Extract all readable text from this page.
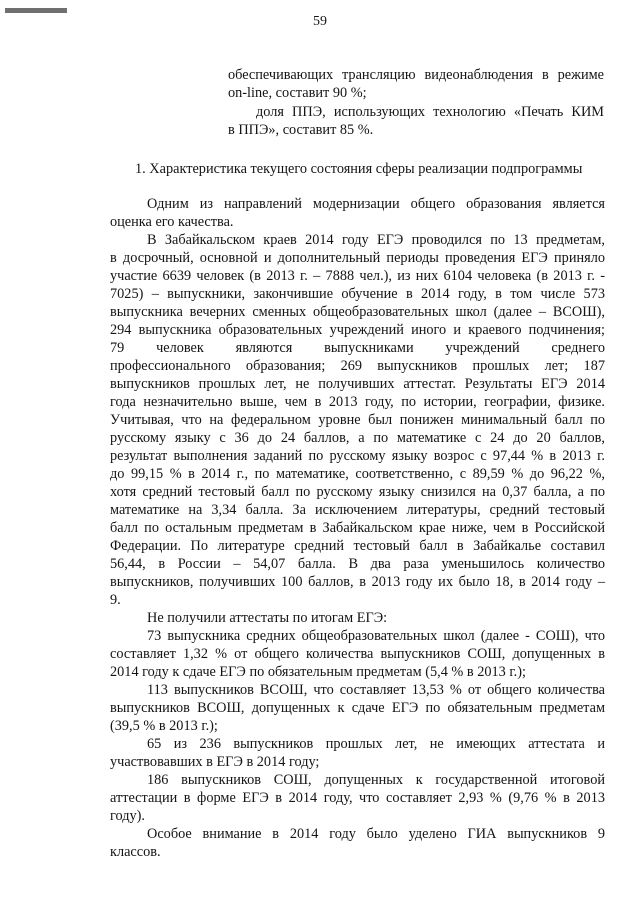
59
обеспечивающих трансляцию видеонаблюдения в режиме
on-line, составит 90 %;
доля ППЭ, использующих технологию «Печать КИМ
в ППЭ», составит 85 %.
1. Характеристика текущего состояния сферы реализации подпрограммы
Одним из направлений модернизации общего образования является
оценка его качества.
В Забайкальском краев 2014 году ЕГЭ проводился по 13 предметам,
в досрочный, основной и дополнительный периоды проведения ЕГЭ приняло
участие 6639 человек (в 2013 г. – 7888 чел.), из них 6104 человека (в 2013 г. -
7025) – выпускники, закончившие обучение в 2014 году, в том числе 573
выпускника вечерних сменных общеобразовательных школ (далее – ВСОШ),
294 выпускника образовательных учреждений иного и краевого подчинения;
79 человек являются выпускниками учреждений среднего
профессионального образования; 269 выпускников прошлых лет; 187
выпускников прошлых лет, не получивших аттестат. Результаты ЕГЭ 2014
года незначительно выше, чем в 2013 году, по истории, географии, физике.
Учитывая, что на федеральном уровне был понижен минимальный балл по
русскому языку с 36 до 24 баллов, а по математике с 24 до 20 баллов,
результат выполнения заданий по русскому языку возрос с 97,44 % в 2013 г.
до 99,15 % в 2014 г., по математике, соответственно, с 89,59 % до 96,22 %,
хотя средний тестовый балл по русскому языку снизился на 0,37 балла, а по
математике на 3,34 балла. За исключением литературы, средний тестовый
балл по остальным предметам в Забайкальском крае ниже, чем в Российской
Федерации. По литературе средний тестовый балл в Забайкалье составил
56,44, в России – 54,07 балла. В два раза уменьшилось количество
выпускников, получивших 100 баллов, в 2013 году их было 18, в 2014 году –
9.
Не получили аттестаты по итогам ЕГЭ:
73 выпускника средних общеобразовательных школ (далее - СОШ), что
составляет 1,32 % от общего количества выпускников СОШ, допущенных в
2014 году к сдаче ЕГЭ по обязательным предметам (5,4 % в 2013 г.);
113 выпускников ВСОШ, что составляет 13,53 % от общего количества
выпускников ВСОШ, допущенных к сдаче ЕГЭ по обязательным предметам
(39,5 % в 2013 г.);
65 из 236 выпускников прошлых лет, не имеющих аттестата и
участвовавших в ЕГЭ в 2014 году;
186 выпускников СОШ, допущенных к государственной итоговой
аттестации в форме ЕГЭ в 2014 году, что составляет 2,93 % (9,76 % в 2013
году).
Особое внимание в 2014 году было уделено ГИА выпускников 9
классов.
